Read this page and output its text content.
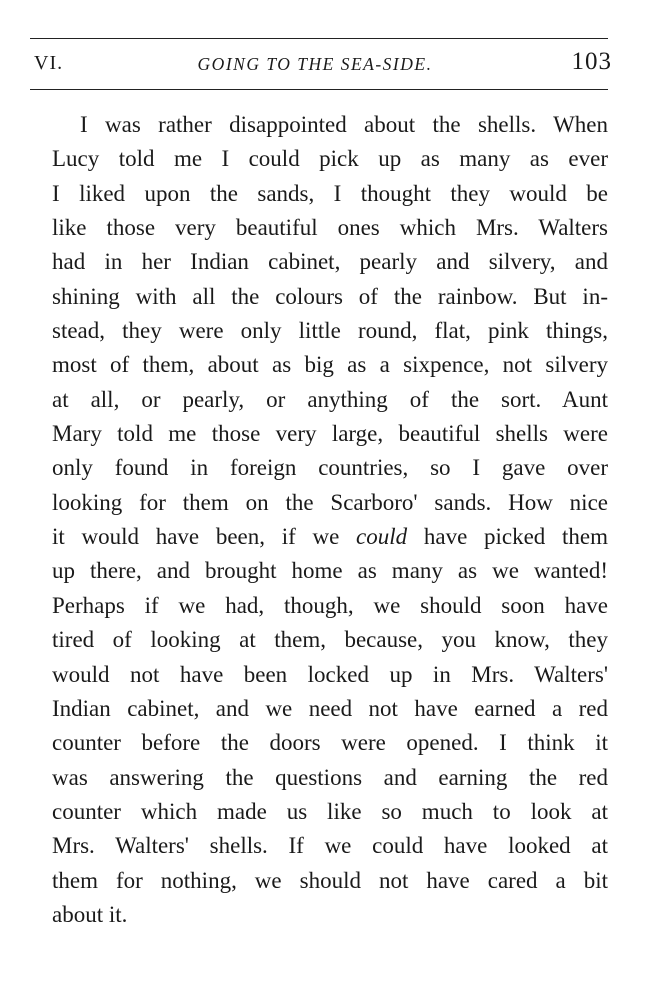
VI.	GOING TO THE SEA-SIDE.	103
I was rather disappointed about the shells. When
Lucy told me I could pick up as many as ever
I liked upon the sands, I thought they would be
like those very beautiful ones which Mrs. Walters
had in her Indian cabinet, pearly and silvery, and
shining with all the colours of the rainbow. But in-
stead, they were only little round, flat, pink things,
most of them, about as big as a sixpence, not silvery
at all, or pearly, or anything of the sort. Aunt
Mary told me those very large, beautiful shells were
only found in foreign countries, so I gave over
looking for them on the Scarboro' sands. How nice
it would have been, if we could have picked them
up there, and brought home as many as we wanted!
Perhaps if we had, though, we should soon have
tired of looking at them, because, you know, they
would not have been locked up in Mrs. Walters'
Indian cabinet, and we need not have earned a red
counter before the doors were opened. I think it
was answering the questions and earning the red
counter which made us like so much to look at
Mrs. Walters' shells. If we could have looked at
them for nothing, we should not have cared a bit
about it.
